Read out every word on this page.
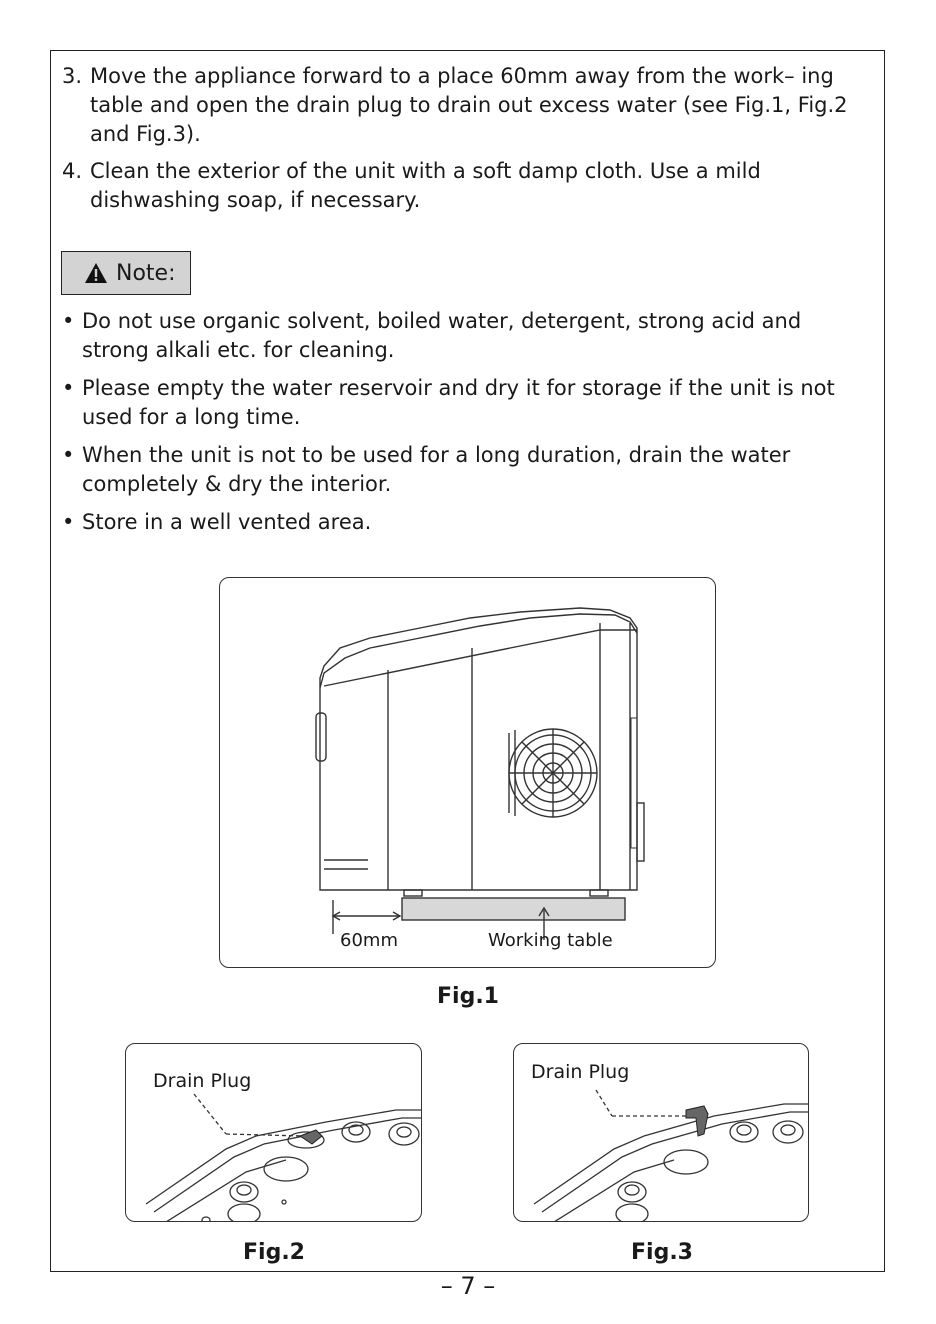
3. Move the appliance forward to a place 60mm away from the work– ing table and open the drain plug to drain out excess water (see Fig.1, Fig.2 and Fig.3).
4. Clean the exterior of the unit with a soft damp cloth. Use a mild dishwashing soap, if necessary.
Note:
• Do not use organic solvent, boiled water, detergent, strong acid and strong alkali etc. for cleaning.
• Please empty the water reservoir and dry it for storage if the unit is not used for a long time.
• When the unit is not to be used for a long duration, drain the water completely & dry the interior.
• Store in a well vented area.
60mm	Working table
Fig.1
Drain Plug
Fig.2
Drain Plug
Fig.3
– 7 –
